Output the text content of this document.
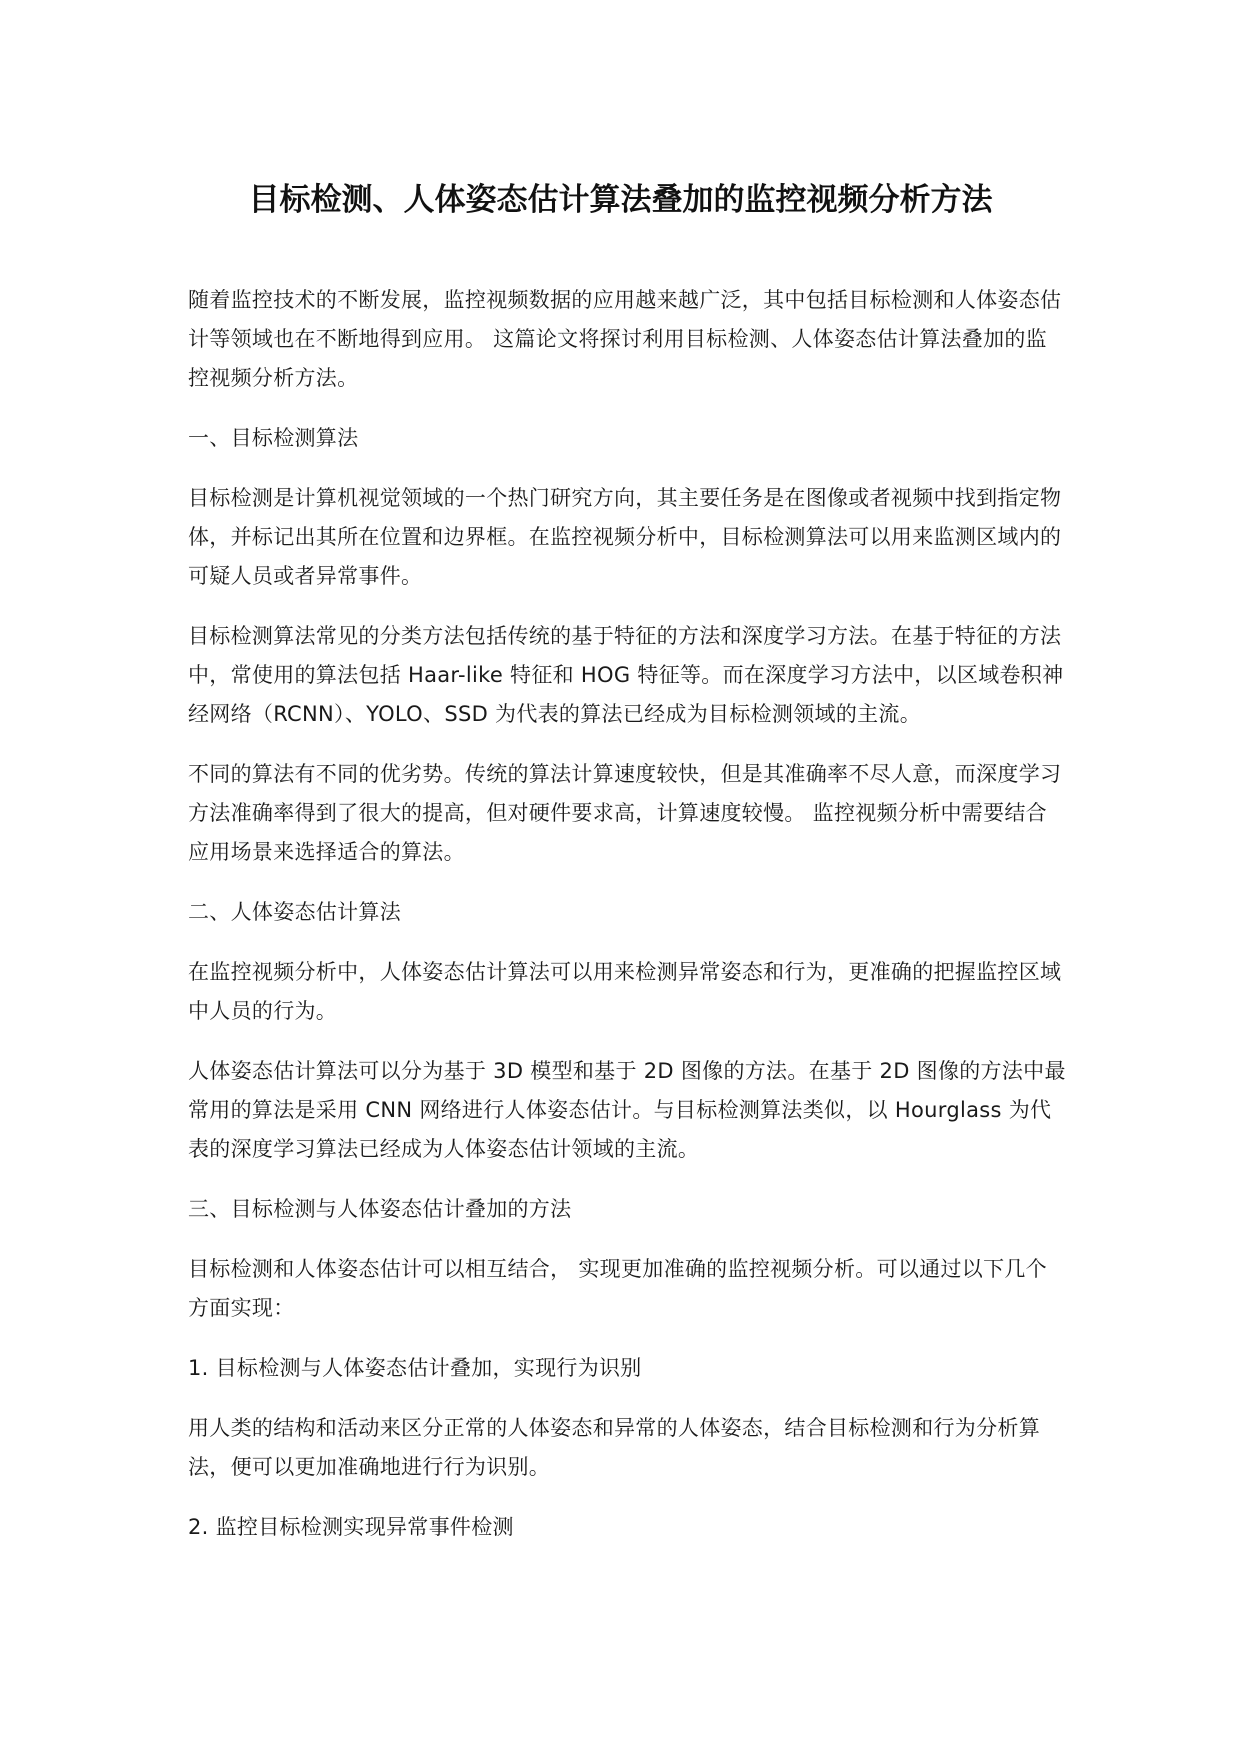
目标检测、人体姿态估计算法叠加的监控视频分析方法

随着监控技术的不断发展，监控视频数据的应用越来越广泛，其中包括目标检测和人体姿态估计等领域也在不断地得到应用。 这篇论文将探讨利用目标检测、人体姿态估计算法叠加的监控视频分析方法。

一、目标检测算法

目标检测是计算机视觉领域的一个热门研究方向，其主要任务是在图像或者视频中找到指定物体，并标记出其所在位置和边界框。在监控视频分析中，目标检测算法可以用来监测区域内的可疑人员或者异常事件。

目标检测算法常见的分类方法包括传统的基于特征的方法和深度学习方法。在基于特征的方法中，常使用的算法包括 Haar-like 特征和 HOG 特征等。而在深度学习方法中，以区域卷积神经网络（RCNN）、YOLO、SSD 为代表的算法已经成为目标检测领域的主流。

不同的算法有不同的优劣势。传统的算法计算速度较快，但是其准确率不尽人意，而深度学习方法准确率得到了很大的提高，但对硬件要求高，计算速度较慢。 监控视频分析中需要结合应用场景来选择适合的算法。

二、人体姿态估计算法

在监控视频分析中，人体姿态估计算法可以用来检测异常姿态和行为，更准确的把握监控区域中人员的行为。

人体姿态估计算法可以分为基于 3D 模型和基于 2D 图像的方法。在基于 2D 图像的方法中最常用的算法是采用 CNN 网络进行人体姿态估计。与目标检测算法类似，以 Hourglass 为代表的深度学习算法已经成为人体姿态估计领域的主流。

三、目标检测与人体姿态估计叠加的方法

目标检测和人体姿态估计可以相互结合， 实现更加准确的监控视频分析。可以通过以下几个方面实现：

1. 目标检测与人体姿态估计叠加，实现行为识别

用人类的结构和活动来区分正常的人体姿态和异常的人体姿态，结合目标检测和行为分析算法，便可以更加准确地进行行为识别。

2. 监控目标检测实现异常事件检测
